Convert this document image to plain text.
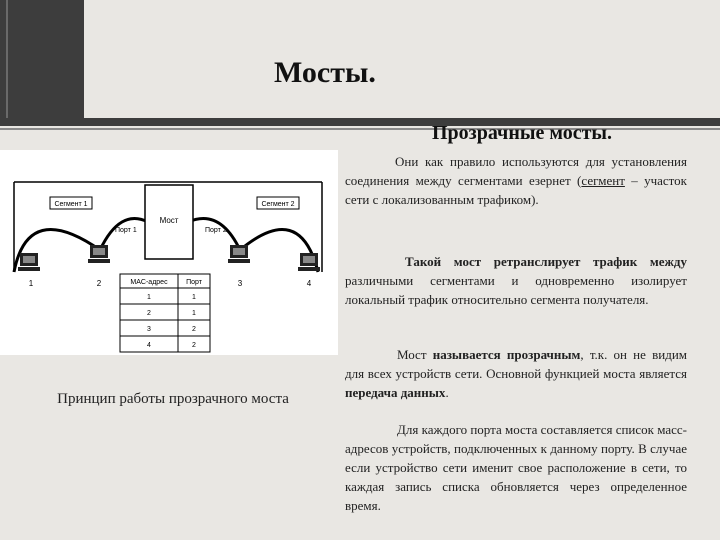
Мосты.
Прозрачные мосты.
Сегмент 1	Сегмент 2
Мост
Порт 1	Порт 2
1	2	3	4
MAC-адрес	Порт
1	1
2	1
3	2
4	2
Принцип работы прозрачного моста
Они как правило используются для установления соединения между сегментами езернет (сегмент – участок сети с локализованным трафиком).
Такой мост ретранслирует трафик между различными сегментами и одновременно изолирует локальный трафик относительно сегмента получателя.
Мост называется прозрачным, т.к. он не видим для всех устройств сети. Основной функцией моста является передача данных.
Для каждого порта моста составляется список масс-адресов устройств, подключенных к данному порту. В случае если устройство сети именит свое расположение в сети, то каждая запись списка обновляется через определенное время.
